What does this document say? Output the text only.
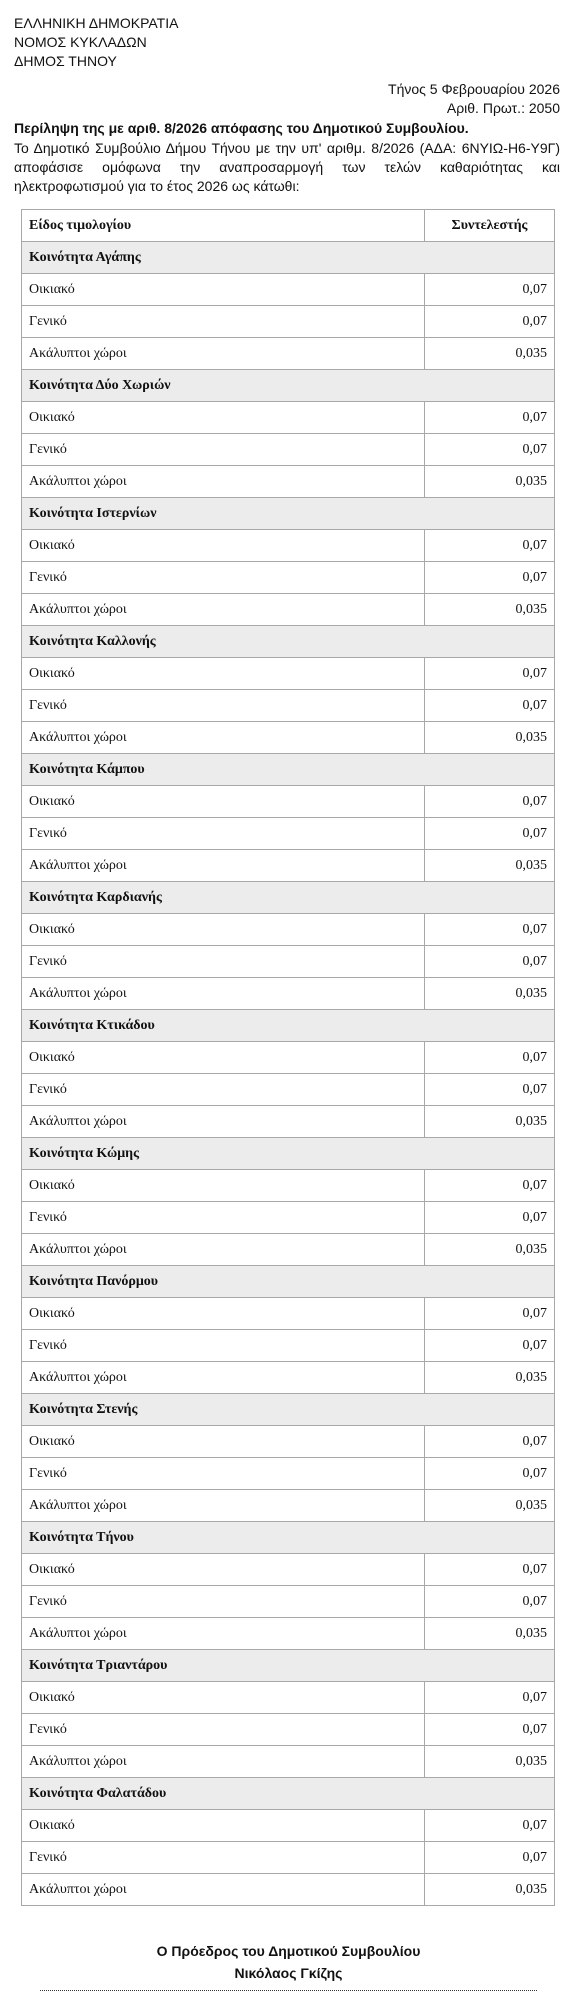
ΕΛΛΗΝΙΚΗ ΔΗΜΟΚΡΑΤΙΑ
ΝΟΜΟΣ ΚΥΚΛΑΔΩΝ
ΔΗΜΟΣ ΤΗΝΟΥ
Τήνος 5 Φεβρουαρίου 2026
Αριθ. Πρωτ.: 2050
Περίληψη της με αριθ. 8/2026 απόφασης του Δημοτικού Συμβουλίου.
Το Δημοτικό Συμβούλιο Δήμου Τήνου με την υπ' αριθμ. 8/2026 (ΑΔΑ: 6ΝΥΙΩ-Η6-Υ9Γ) αποφάσισε ομόφωνα την αναπροσαρμογή των τελών καθαριότητας και ηλεκτροφωτισμού για το έτος 2026 ως κάτωθι:
Είδος τιμολογίου	Συντελεστής
Κοινότητα Αγάπης	
Οικιακό	0,07
Γενικό	0,07
Ακάλυπτοι χώροι	0,035
Κοινότητα Δύο Χωριών	
Οικιακό	0,07
Γενικό	0,07
Ακάλυπτοι χώροι	0,035
Κοινότητα Ιστερνίων	
Οικιακό	0,07
Γενικό	0,07
Ακάλυπτοι χώροι	0,035
Κοινότητα Καλλονής	
Οικιακό	0,07
Γενικό	0,07
Ακάλυπτοι χώροι	0,035
Κοινότητα Κάμπου	
Οικιακό	0,07
Γενικό	0,07
Ακάλυπτοι χώροι	0,035
Κοινότητα Καρδιανής	
Οικιακό	0,07
Γενικό	0,07
Ακάλυπτοι χώροι	0,035
Κοινότητα Κτικάδου	
Οικιακό	0,07
Γενικό	0,07
Ακάλυπτοι χώροι	0,035
Κοινότητα Κώμης	
Οικιακό	0,07
Γενικό	0,07
Ακάλυπτοι χώροι	0,035
Κοινότητα Πανόρμου	
Οικιακό	0,07
Γενικό	0,07
Ακάλυπτοι χώροι	0,035
Κοινότητα Στενής	
Οικιακό	0,07
Γενικό	0,07
Ακάλυπτοι χώροι	0,035
Κοινότητα Τήνου	
Οικιακό	0,07
Γενικό	0,07
Ακάλυπτοι χώροι	0,035
Κοινότητα Τριαντάρου	
Οικιακό	0,07
Γενικό	0,07
Ακάλυπτοι χώροι	0,035
Κοινότητα Φαλατάδου	
Οικιακό	0,07
Γενικό	0,07
Ακάλυπτοι χώροι	0,035
Ο Πρόεδρος του Δημοτικού Συμβουλίου
Νικόλαος Γκίζης
